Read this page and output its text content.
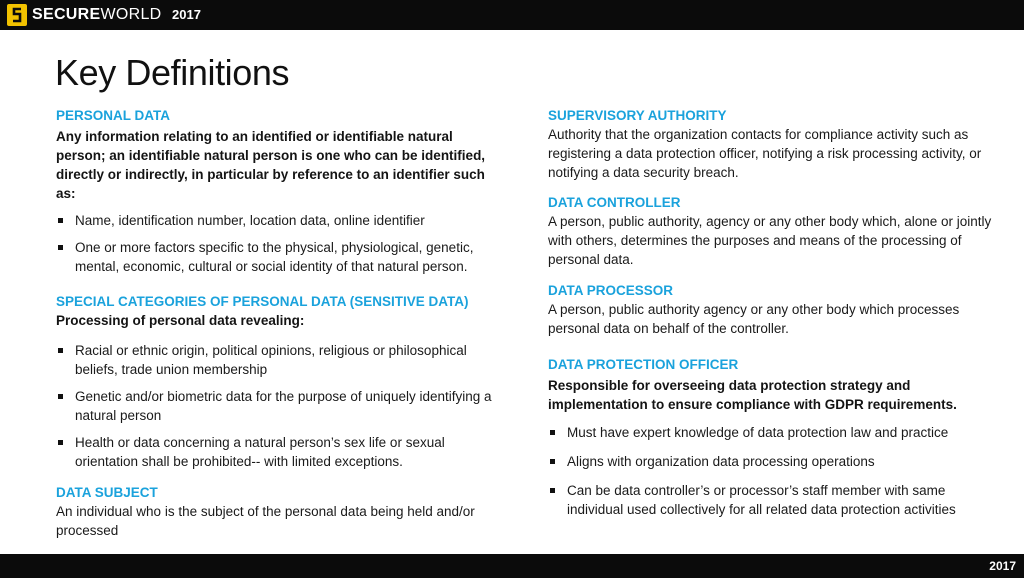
SECUREWORLD 2017
Key Definitions
PERSONAL DATA

Any information relating to an identified or identifiable natural person; an identifiable natural person is one who can be identified, directly or indirectly, in particular by reference to an identifier such as:

Name, identification number, location data, online identifier
One or more factors specific to the physical, physiological, genetic, mental, economic, cultural or social identity of that natural person.
SPECIAL CATEGORIES OF PERSONAL DATA (SENSITIVE DATA)

Processing of personal data revealing:

Racial or ethnic origin, political opinions, religious or philosophical beliefs, trade union membership
Genetic and/or biometric data for the purpose of uniquely identifying a natural person
Health or data concerning a natural person’s sex life or sexual orientation shall be prohibited-- with limited exceptions.
DATA SUBJECT

An individual who is the subject of the personal data being held and/or processed

SUPERVISORY AUTHORITY

Authority that the organization contacts for compliance activity such as registering a data protection officer, notifying a risk processing activity, or notifying a data security breach.

DATA CONTROLLER

A person, public authority, agency or any other body which, alone or jointly with others, determines the purposes and means of the processing of personal data.

DATA PROCESSOR

A person, public authority agency or any other body which processes personal data on behalf of the controller.

DATA PROTECTION OFFICER

Responsible for overseeing data protection strategy and implementation to ensure compliance with GDPR requirements.

Must have expert knowledge of data protection law and practice
Aligns with organization data processing operations
Can be data controller’s or processor’s staff member with same individual used collectively for all related data protection activities
2017
